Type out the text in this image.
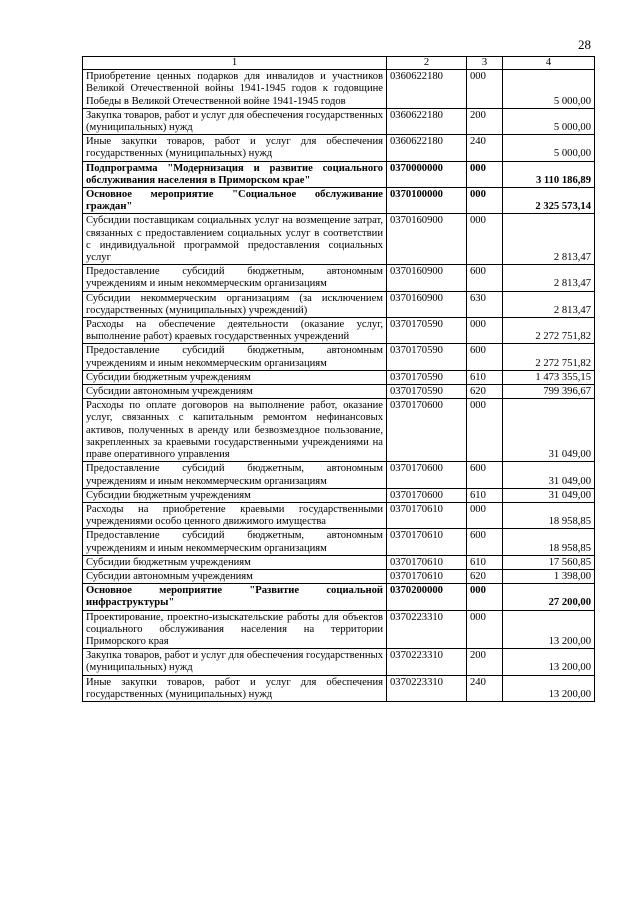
28
1	2	3	4
Приобретение ценных подарков для инвалидов и участников Великой Отечественной войны 1941-1945 годов к годовщине Победы в Великой Отечественной войне 1941-1945 годов	0360622180	000	5 000,00
Закупка товаров, работ и услуг для обеспечения государственных (муниципальных) нужд	0360622180	200	5 000,00
Иные закупки товаров, работ и услуг для обеспечения государственных (муниципальных) нужд	0360622180	240	5 000,00
Подпрограмма "Модернизация и развитие социального обслуживания населения в Приморском крае"	0370000000	000	3 110 186,89
Основное мероприятие "Социальное обслуживание граждан"	0370100000	000	2 325 573,14
Субсидии поставщикам социальных услуг на возмещение затрат, связанных с предоставлением социальных услуг в соответствии с индивидуальной программой предоставления социальных услуг	0370160900	000	2 813,47
Предоставление субсидий бюджетным, автономным учреждениям и иным некоммерческим организациям	0370160900	600	2 813,47
Субсидии некоммерческим организациям (за исключением государственных (муниципальных) учреждений)	0370160900	630	2 813,47
Расходы на обеспечение деятельности (оказание услуг, выполнение работ) краевых государственных учреждений	0370170590	000	2 272 751,82
Предоставление субсидий бюджетным, автономным учреждениям и иным некоммерческим организациям	0370170590	600	2 272 751,82
Субсидии бюджетным учреждениям	0370170590	610	1 473 355,15
Субсидии автономным учреждениям	0370170590	620	799 396,67
Расходы по оплате договоров на выполнение работ, оказание услуг, связанных с капитальным ремонтом нефинансовых активов, полученных в аренду или безвозмездное пользование, закрепленных за краевыми государственными учреждениями на праве оперативного управления	0370170600	000	31 049,00
Предоставление субсидий бюджетным, автономным учреждениям и иным некоммерческим организациям	0370170600	600	31 049,00
Субсидии бюджетным учреждениям	0370170600	610	31 049,00
Расходы на приобретение краевыми государственными учреждениями особо ценного движимого имущества	0370170610	000	18 958,85
Предоставление субсидий бюджетным, автономным учреждениям и иным некоммерческим организациям	0370170610	600	18 958,85
Субсидии бюджетным учреждениям	0370170610	610	17 560,85
Субсидии автономным учреждениям	0370170610	620	1 398,00
Основное мероприятие "Развитие социальной инфраструктуры"	0370200000	000	27 200,00
Проектирование, проектно-изыскательские работы для объектов социального обслуживания населения на территории Приморского края	0370223310	000	13 200,00
Закупка товаров, работ и услуг для обеспечения государственных (муниципальных) нужд	0370223310	200	13 200,00
Иные закупки товаров, работ и услуг для обеспечения государственных (муниципальных) нужд	0370223310	240	13 200,00
